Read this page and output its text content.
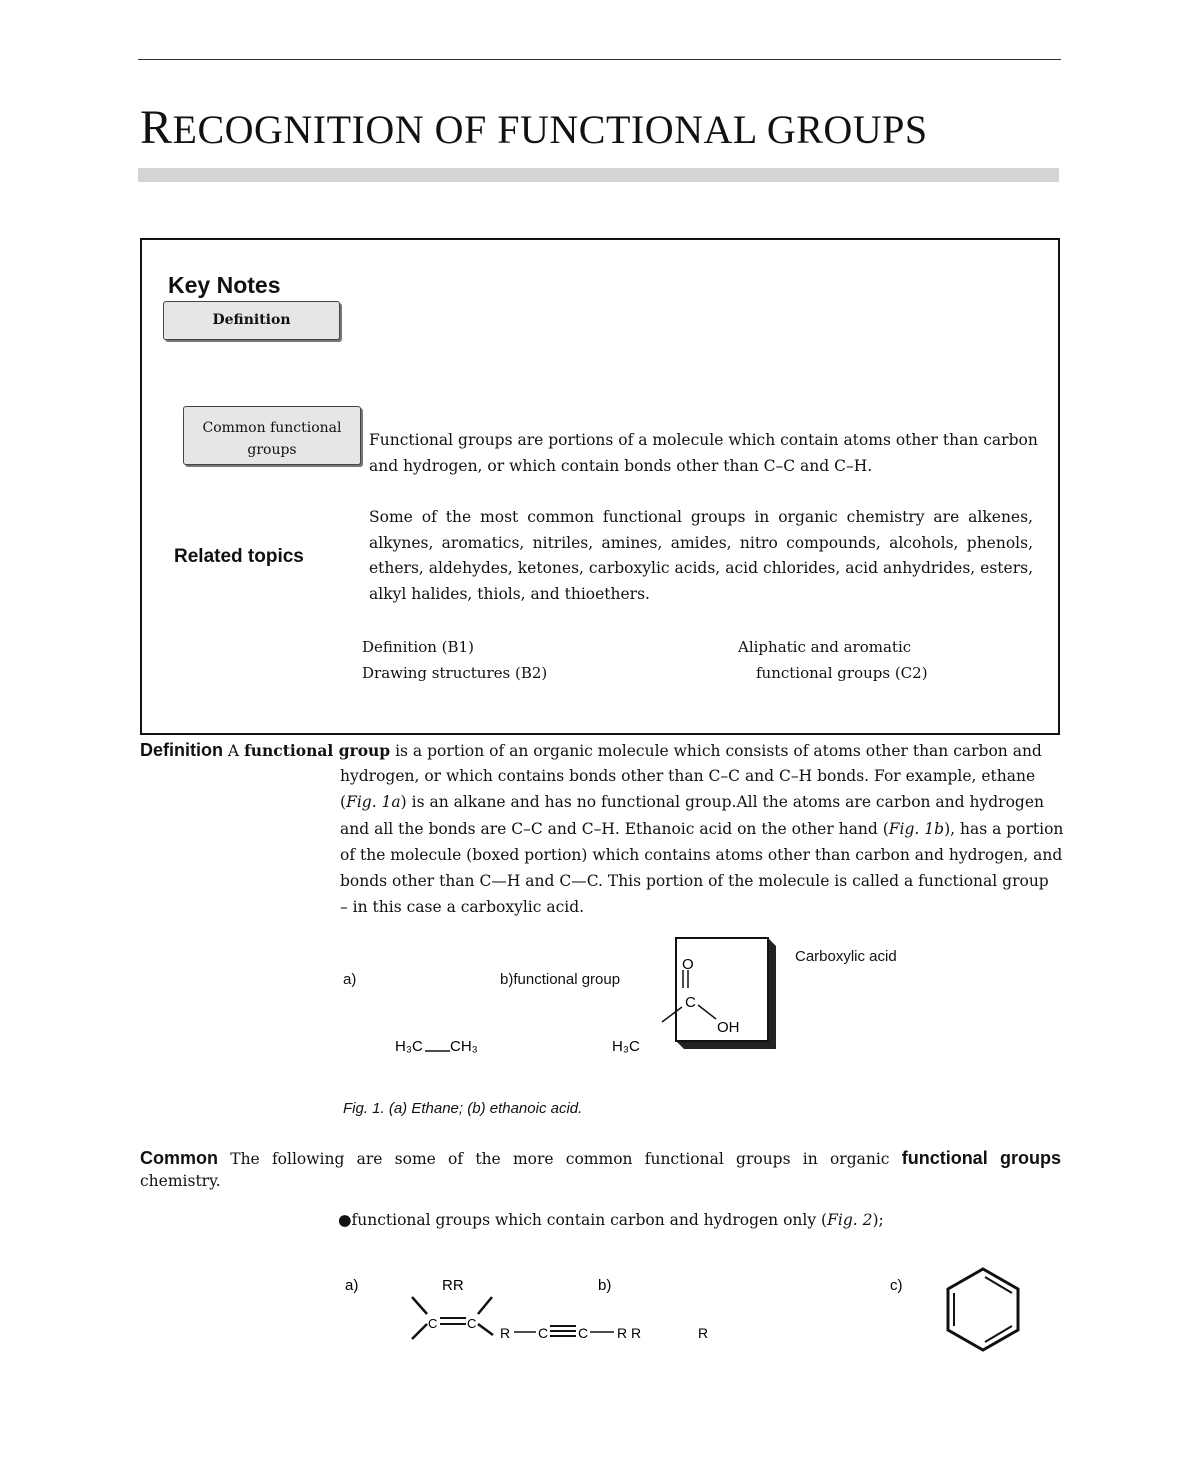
RECOGNITION OF FUNCTIONAL GROUPS
Key Notes
Definition
Common functional
groups
Related topics
Functional groups are portions of a molecule which contain atoms other than carbon and hydrogen, or which contain bonds other than C–C and C–H.
Some of the most common functional groups in organic chemistry are alkenes, alkynes, aromatics, nitriles, amines, amides, nitro compounds, alcohols, phenols, ethers, aldehydes, ketones, carboxylic acids, acid chlorides, acid anhydrides, esters, alkyl halides, thiols, and thioethers.
Definition (B1)
Drawing structures (B2)
Aliphatic and aromatic
functional groups (C2)
Definition A functional group is a portion of an organic molecule which consists of atoms other than carbon and
hydrogen, or which contains bonds other than C–C and C–H bonds. For example, ethane
(Fig. 1a) is an alkane and has no functional group.All the atoms are carbon and hydrogen
and all the bonds are C–C and C–H. Ethanoic acid on the other hand (Fig. 1b), has a portion
of the molecule (boxed portion) which contains atoms other than carbon and hydrogen, and
bonds other than C—H and C—C. This portion of the molecule is called a functional group
– in this case a carboxylic acid.
a)	b)functional group
Carboxylic acid
H₃C CH₃	H₃C
O
C
OH
Fig. 1. (a) Ethane; (b) ethanoic acid.
Common The following are some of the more common functional groups in organic functional groups
chemistry.
●functional groups which contain carbon and hydrogen only (Fig. 2);
a)	b)	c)
RR
C C
R C C R R	R
